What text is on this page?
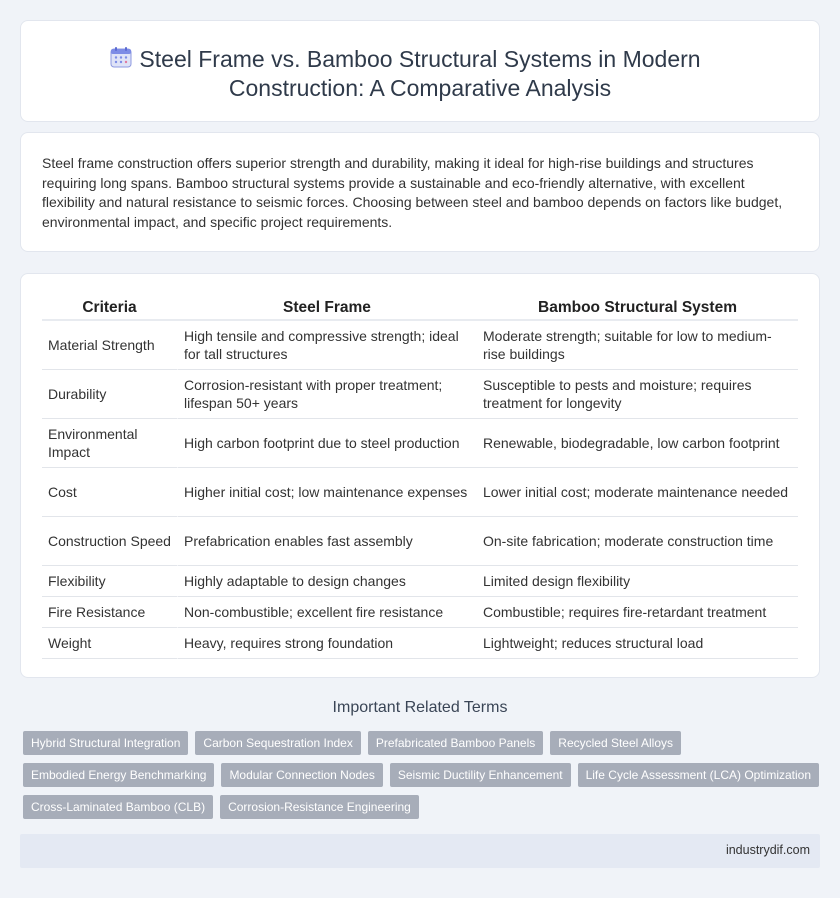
Steel Frame vs. Bamboo Structural Systems in Modern Construction: A Comparative Analysis

Steel frame construction offers superior strength and durability, making it ideal for high-rise buildings and structures requiring long spans. Bamboo structural systems provide a sustainable and eco-friendly alternative, with excellent flexibility and natural resistance to seismic forces. Choosing between steel and bamboo depends on factors like budget, environmental impact, and specific project requirements.

Criteria	Steel Frame	Bamboo Structural System
Material Strength	High tensile and compressive strength; ideal for tall structures	Moderate strength; suitable for low to medium-rise buildings
Durability	Corrosion-resistant with proper treatment; lifespan 50+ years	Susceptible to pests and moisture; requires treatment for longevity
Environmental Impact	High carbon footprint due to steel production	Renewable, biodegradable, low carbon footprint
Cost	Higher initial cost; low maintenance expenses	Lower initial cost; moderate maintenance needed
Construction Speed	Prefabrication enables fast assembly	On-site fabrication; moderate construction time
Flexibility	Highly adaptable to design changes	Limited design flexibility
Fire Resistance	Non-combustible; excellent fire resistance	Combustible; requires fire-retardant treatment
Weight	Heavy, requires strong foundation	Lightweight; reduces structural load
Important Related Terms
Hybrid Structural Integration	Carbon Sequestration Index	Prefabricated Bamboo Panels	Recycled Steel Alloys
Embodied Energy Benchmarking	Modular Connection Nodes	Seismic Ductility Enhancement	Life Cycle Assessment (LCA) Optimization
Cross-Laminated Bamboo (CLB)	Corrosion-Resistance Engineering
industrydif.com
